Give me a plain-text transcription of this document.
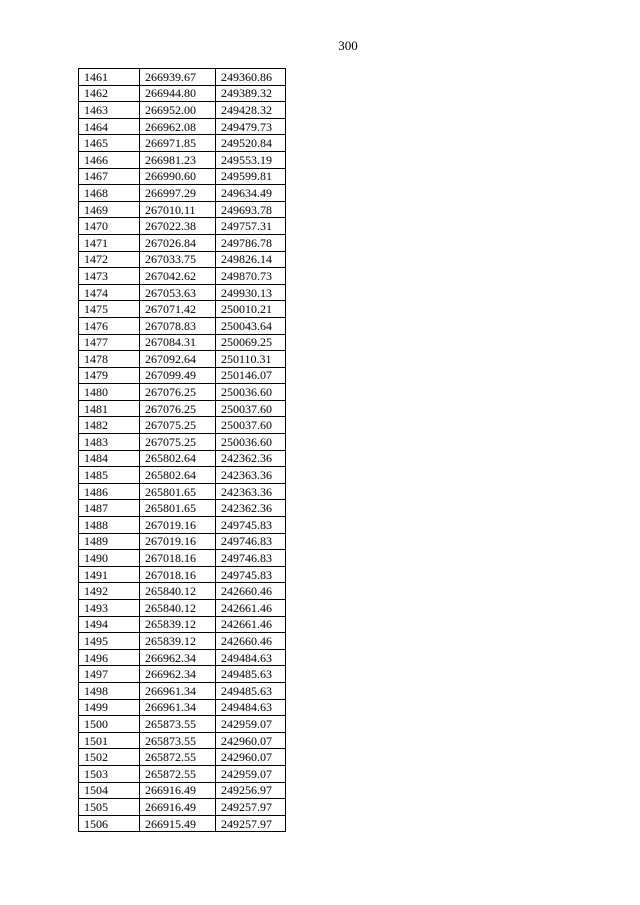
300
1461	266939.67	249360.86
1462	266944.80	249389.32
1463	266952.00	249428.32
1464	266962.08	249479.73
1465	266971.85	249520.84
1466	266981.23	249553.19
1467	266990.60	249599.81
1468	266997.29	249634.49
1469	267010.11	249693.78
1470	267022.38	249757.31
1471	267026.84	249786.78
1472	267033.75	249826.14
1473	267042.62	249870.73
1474	267053.63	249930.13
1475	267071.42	250010.21
1476	267078.83	250043.64
1477	267084.31	250069.25
1478	267092.64	250110.31
1479	267099.49	250146.07
1480	267076.25	250036.60
1481	267076.25	250037.60
1482	267075.25	250037.60
1483	267075.25	250036.60
1484	265802.64	242362.36
1485	265802.64	242363.36
1486	265801.65	242363.36
1487	265801.65	242362.36
1488	267019.16	249745.83
1489	267019.16	249746.83
1490	267018.16	249746.83
1491	267018.16	249745.83
1492	265840.12	242660.46
1493	265840.12	242661.46
1494	265839.12	242661.46
1495	265839.12	242660.46
1496	266962.34	249484.63
1497	266962.34	249485.63
1498	266961.34	249485.63
1499	266961.34	249484.63
1500	265873.55	242959.07
1501	265873.55	242960.07
1502	265872.55	242960.07
1503	265872.55	242959.07
1504	266916.49	249256.97
1505	266916.49	249257.97
1506	266915.49	249257.97
